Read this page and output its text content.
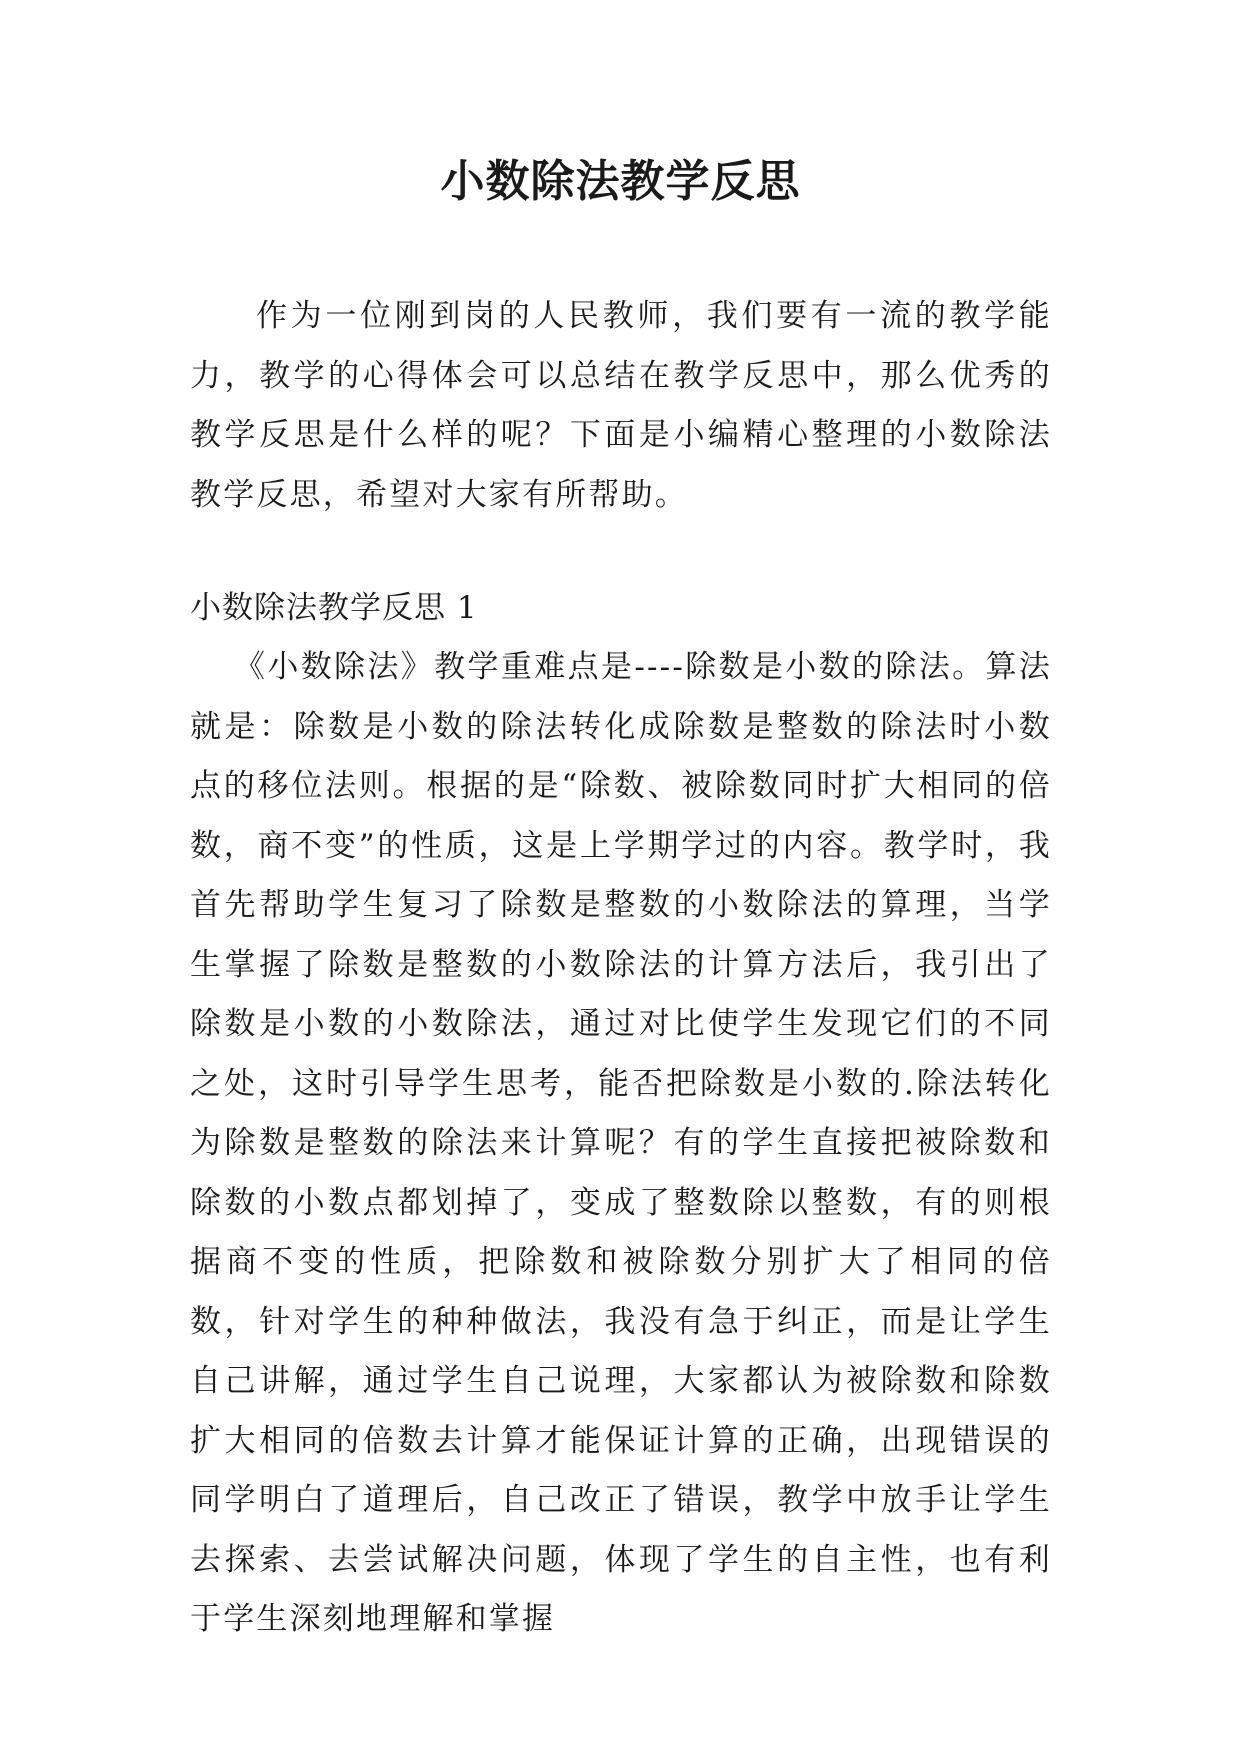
小数除法教学反思

作为一位刚到岗的人民教师，我们要有一流的教学能力，教学的心得体会可以总结在教学反思中，那么优秀的教学反思是什么样的呢？下面是小编精心整理的小数除法教学反思，希望对大家有所帮助。

小数除法教学反思 1

《小数除法》教学重难点是----除数是小数的除法。算法就是：除数是小数的除法转化成除数是整数的除法时小数点的移位法则。根据的是“除数、被除数同时扩大相同的倍数，商不变”的性质，这是上学期学过的内容。教学时，我首先帮助学生复习了除数是整数的小数除法的算理，当学生掌握了除数是整数的小数除法的计算方法后，我引出了除数是小数的小数除法，通过对比使学生发现它们的不同之处，这时引导学生思考，能否把除数是小数的.除法转化为除数是整数的除法来计算呢？有的学生直接把被除数和除数的小数点都划掉了，变成了整数除以整数，有的则根据商不变的性质，把除数和被除数分别扩大了相同的倍数，针对学生的种种做法，我没有急于纠正，而是让学生自己讲解，通过学生自己说理，大家都认为被除数和除数扩大相同的倍数去计算才能保证计算的正确，出现错误的同学明白了道理后，自己改正了错误，教学中放手让学生去探索、去尝试解决问题，体现了学生的自主性，也有利于学生深刻地理解和掌握
